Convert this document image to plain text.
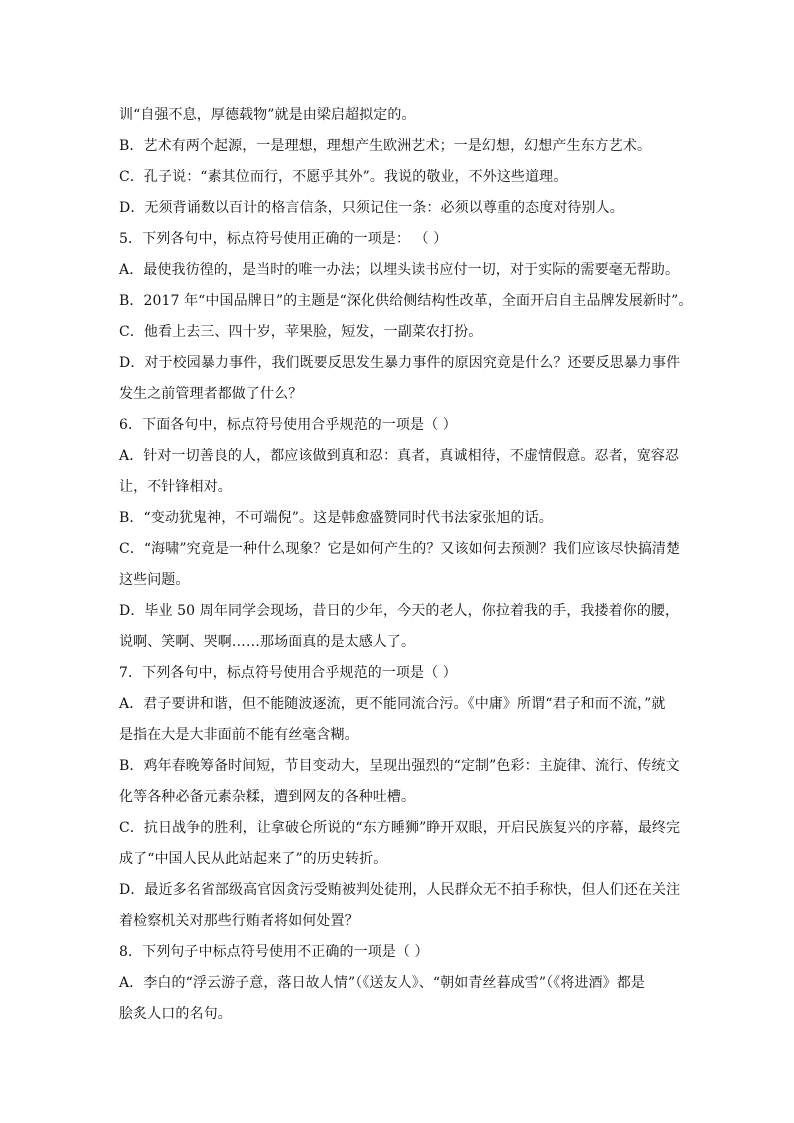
训“自强不息，厚德载物”就是由梁启超拟定的。
B．艺术有两个起源，一是理想，理想产生欧洲艺术；一是幻想，幻想产生东方艺术。
C．孔子说：“素其位而行，不愿乎其外”。我说的敬业，不外这些道理。
D．无须背诵数以百计的格言信条，只须记住一条：必须以尊重的态度对待别人。
5．下列各句中，标点符号使用正确的一项是： （ ）
A．最使我彷徨的，是当时的唯一办法；以埋头读书应付一切，对于实际的需要毫无帮助。
B．2017 年“中国品牌日”的主题是“深化供给侧结构性改革，全面开启自主品牌发展新时”。
C．他看上去三、四十岁，苹果脸，短发，一副菜农打扮。
D．对于校园暴力事件，我们既要反思发生暴力事件的原因究竟是什么？还要反思暴力事件
发生之前管理者都做了什么？
6．下面各句中，标点符号使用合乎规范的一项是（ ）
A．针对一切善良的人，都应该做到真和忍：真者，真诚相待，不虚情假意。忍者，宽容忍
让，不针锋相对。
B．“变动犹鬼神，不可端倪”。这是韩愈盛赞同时代书法家张旭的话。
C．“海啸”究竟是一种什么现象？它是如何产生的？又该如何去预测？我们应该尽快搞清楚
这些问题。
D．毕业 50 周年同学会现场，昔日的少年，今天的老人，你拉着我的手，我搂着你的腰，
说啊、笑啊、哭啊……那场面真的是太感人了。
7．下列各句中，标点符号使用合乎规范的一项是（ ）
A．君子要讲和谐，但不能随波逐流，更不能同流合污。《中庸》所谓“君子和而不流，”就
是指在大是大非面前不能有丝毫含糊。
B．鸡年春晚筹备时间短，节目变动大，呈现出强烈的“定制”色彩：主旋律、流行、传统文
化等各种必备元素杂糅，遭到网友的各种吐槽。
C．抗日战争的胜利，让拿破仑所说的“东方睡狮”睁开双眼，开启民族复兴的序幕，最终完
成了“中国人民从此站起来了”的历史转折。
D．最近多名省部级高官因贪污受贿被判处徒刑，人民群众无不拍手称快，但人们还在关注
着检察机关对那些行贿者将如何处置？
8．下列句子中标点符号使用不正确的一项是（ ）
A．李白的“浮云游子意，落日故人情”（《送友人》、“朝如青丝暮成雪”（《将进酒》都是
脍炙人口的名句。
